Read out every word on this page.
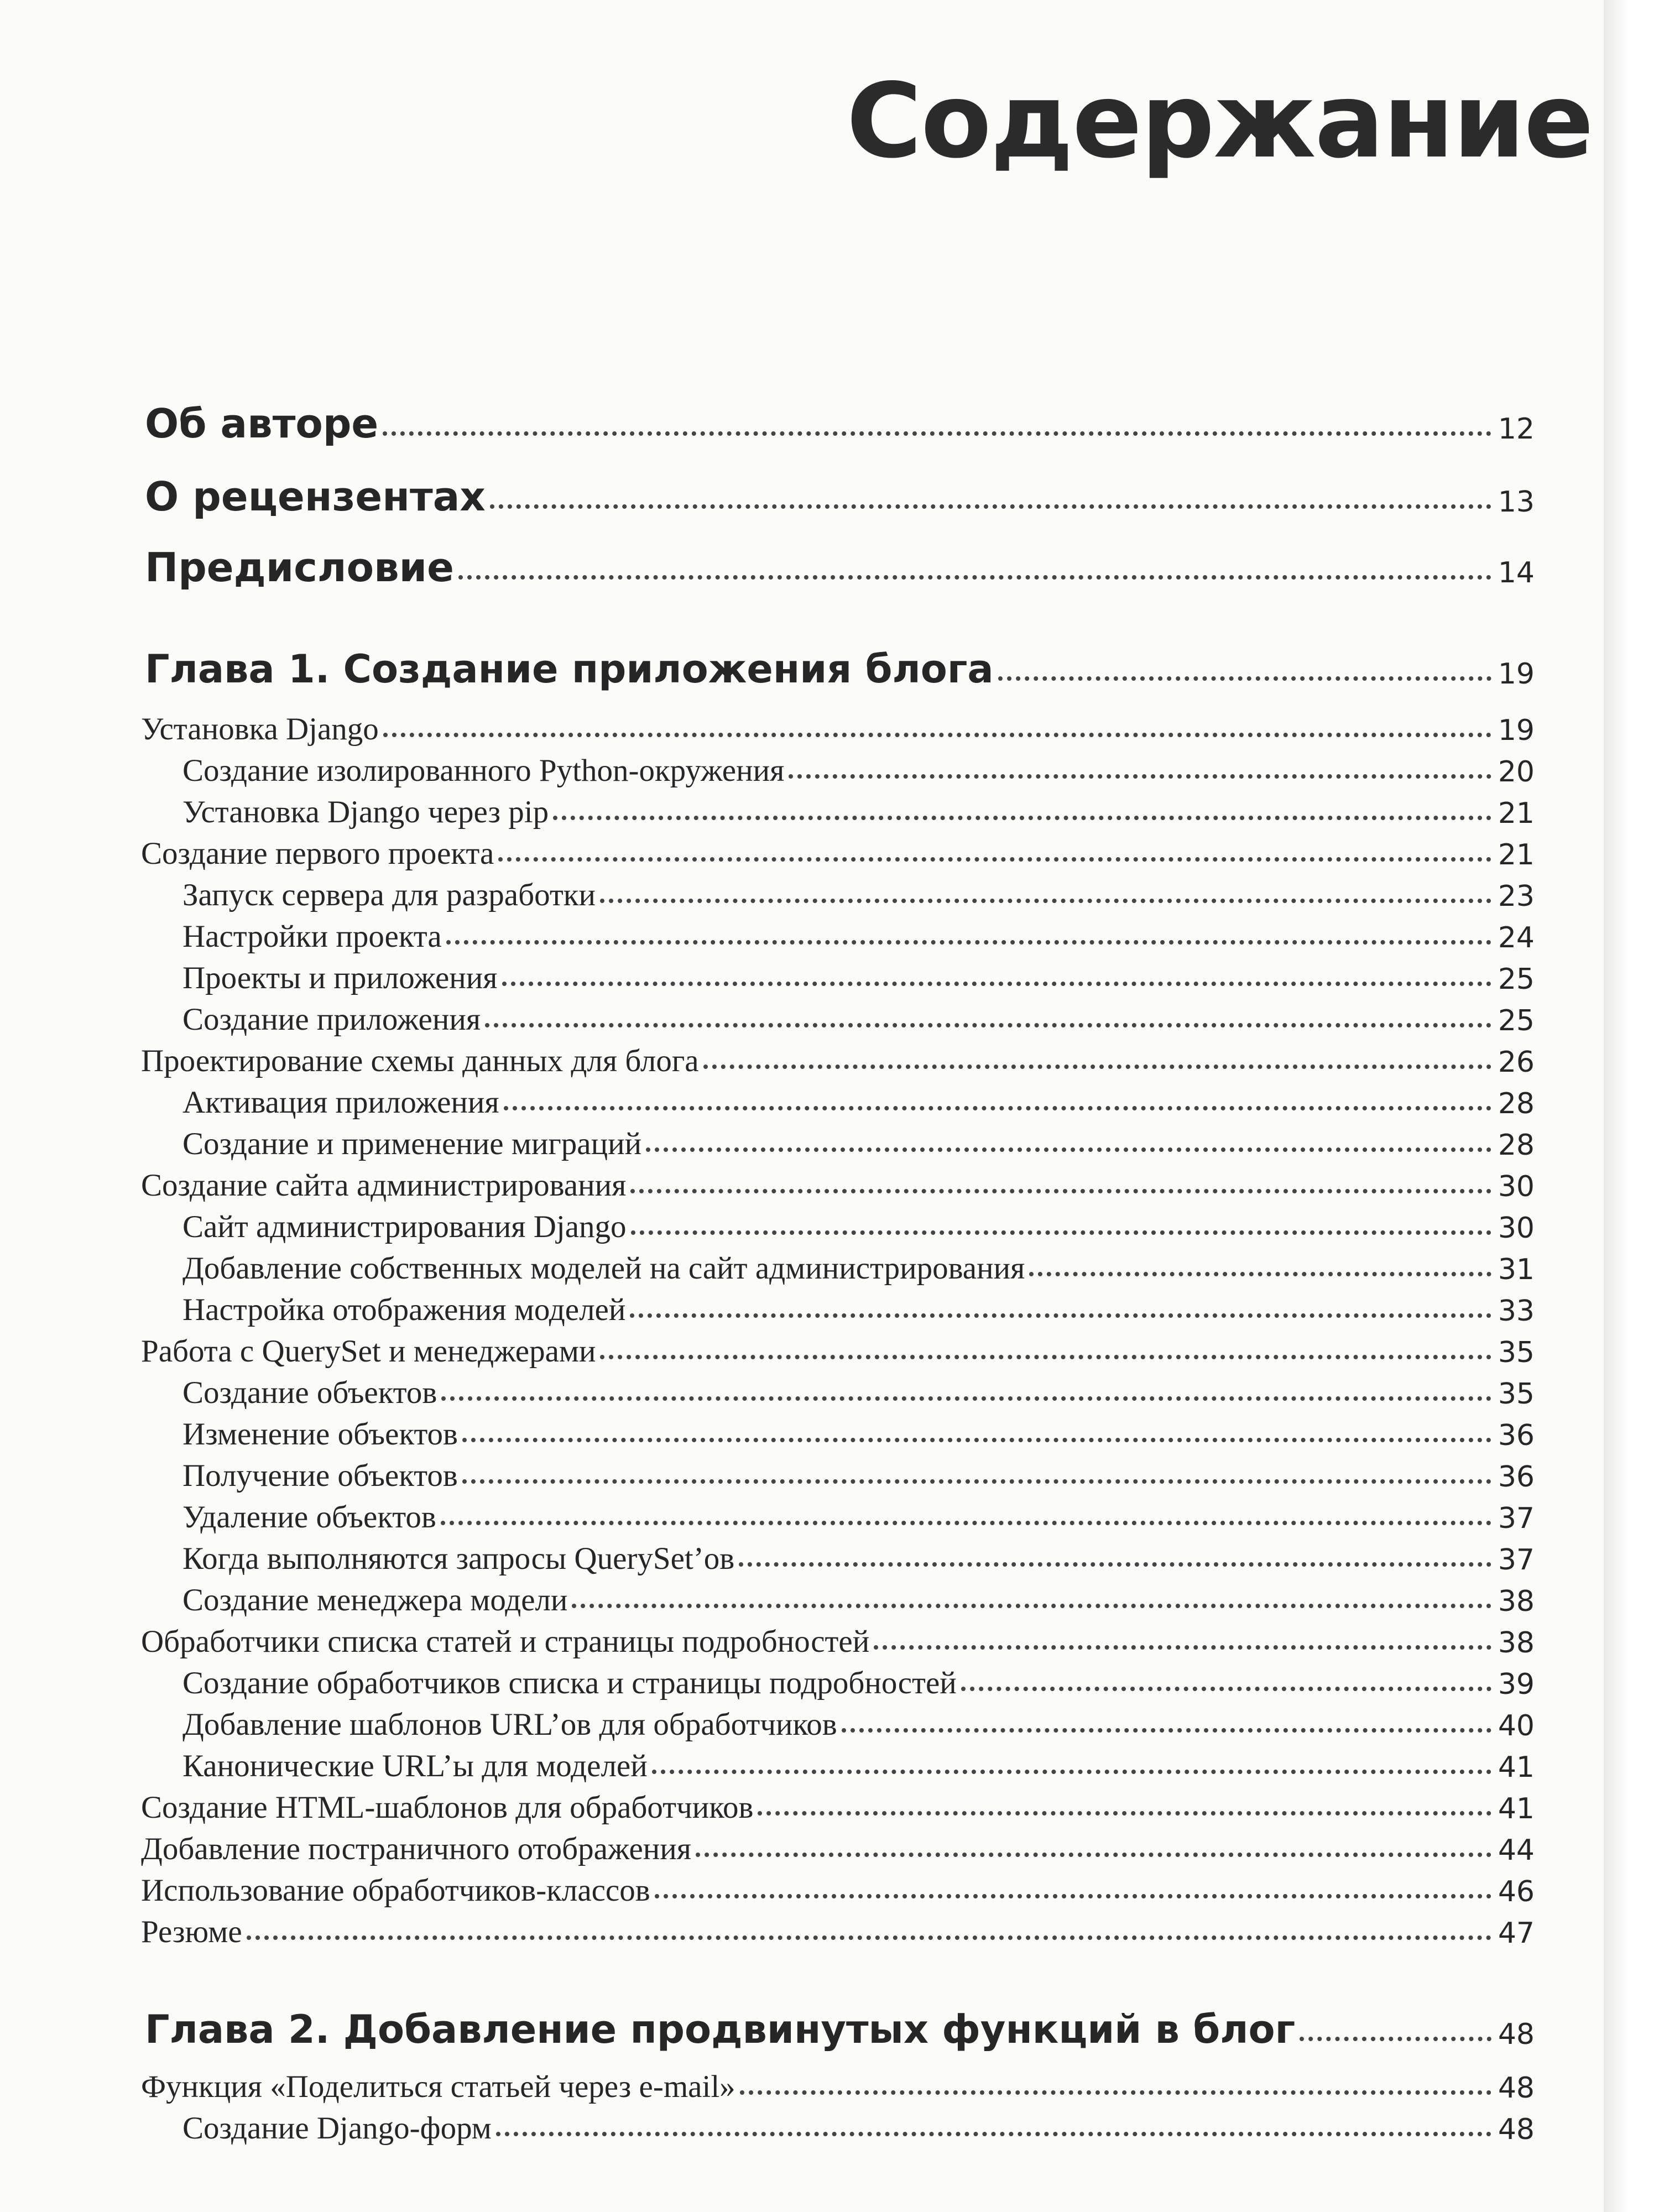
Содержание
Об авторе	12
О рецензентах	13
Предисловие	14
Глава 1. Создание приложения блога	19
Установка Django	19
Создание изолированного Python-окружения	20
Установка Django через pip	21
Создание первого проекта	21
Запуск сервера для разработки	23
Настройки проекта	24
Проекты и приложения	25
Создание приложения	25
Проектирование схемы данных для блога	26
Активация приложения	28
Создание и применение миграций	28
Создание сайта администрирования	30
Сайт администрирования Django	30
Добавление собственных моделей на сайт администрирования	31
Настройка отображения моделей	33
Работа с QuerySet и менеджерами	35
Создание объектов	35
Изменение объектов	36
Получение объектов	36
Удаление объектов	37
Когда выполняются запросы QuerySet’ов	37
Создание менеджера модели	38
Обработчики списка статей и страницы подробностей	38
Создание обработчиков списка и страницы подробностей	39
Добавление шаблонов URL’ов для обработчиков	40
Канонические URL’ы для моделей	41
Создание HTML-шаблонов для обработчиков	41
Добавление постраничного отображения	44
Использование обработчиков-классов	46
Резюме	47
Глава 2. Добавление продвинутых функций в блог	48
Функция «Поделиться статьей через e-mail»	48
Создание Django-форм	48
